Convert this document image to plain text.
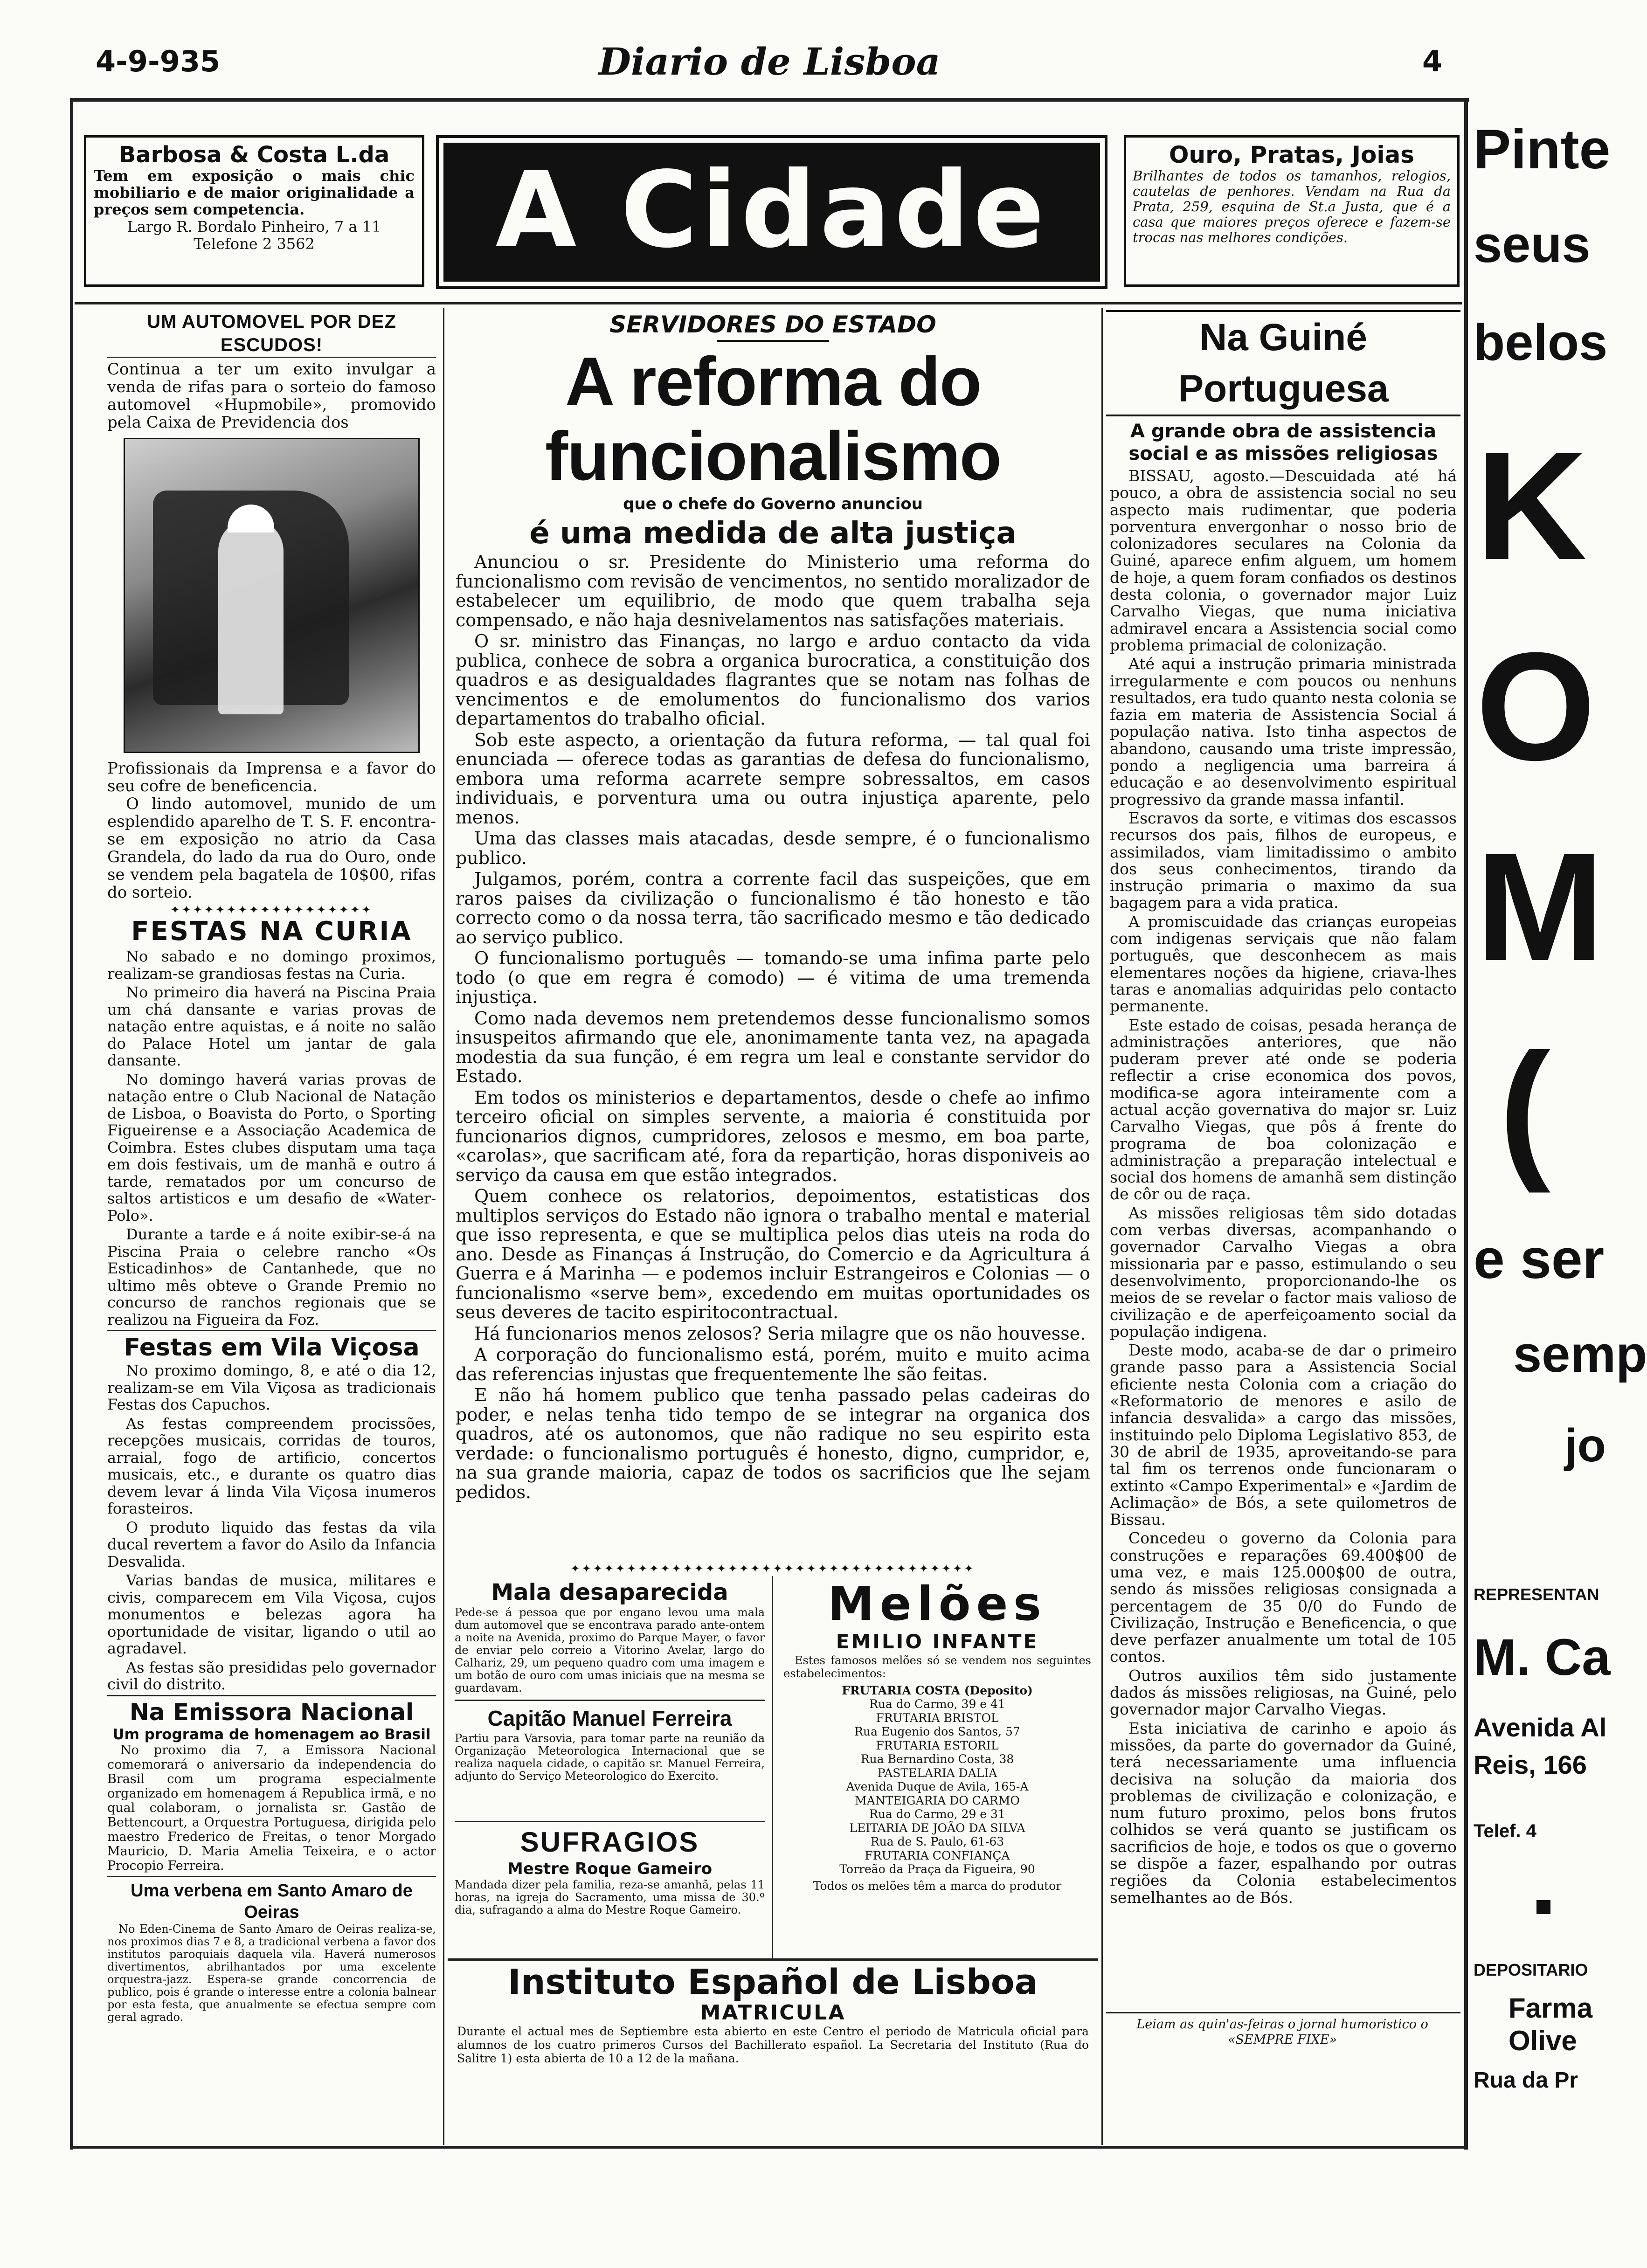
4-9-935	Diario de Lisboa	4
Barbosa & Costa L.da
Tem em exposição o mais chic mobiliario e de maior originalidade a preços sem competencia.
Largo R. Bordalo Pinheiro, 7 a 11
Telefone 2 3562	A Cidade	Ouro, Pratas, Joias
Brilhantes de todos os tamanhos, relogios, cautelas de penhores. Vendam na Rua da Prata, 259, esquina de St.a Justa, que é a casa que maiores preços oferece e fazem-se trocas nas melhores condições.
UM AUTOMOVEL POR DEZ ESCUDOS!
Continua a ter um exito invulgar a venda de rifas para o sorteio do famoso automovel «Hupmobile», promovido pela Caixa de Previdencia dos
Profissionais da Imprensa e a favor do seu cofre de beneficencia.
O lindo automovel, munido de um esplendido aparelho de T. S. F. encontra-se em exposição no atrio da Casa Grandela, do lado da rua do Ouro, onde se vendem pela bagatela de 10$00, rifas do sorteio.
✦✦✦✦✦✦✦✦✦✦✦✦✦✦✦✦✦✦
FESTAS NA CURIA

No sabado e no domingo proximos, realizam-se grandiosas festas na Curia.

No primeiro dia haverá na Piscina Praia um chá dansante e varias provas de natação entre aquistas, e á noite no salão do Palace Hotel um jantar de gala dansante.

No domingo haverá varias provas de natação entre o Club Nacional de Natação de Lisboa, o Boavista do Porto, o Sporting Figueirense e a Associação Academica de Coimbra. Estes clubes disputam uma taça em dois festivais, um de manhã e outro á tarde, rematados por um concurso de saltos artisticos e um desafio de «Water-Polo».

Durante a tarde e á noite exibir-se-á na Piscina Praia o celebre rancho «Os Esticadinhos» de Cantanhede, que no ultimo mês obteve o Grande Premio no concurso de ranchos regionais que se realizou na Figueira da Foz.

Festas em Vila Viçosa

No proximo domingo, 8, e até o dia 12, realizam-se em Vila Viçosa as tradicionais Festas dos Capuchos.

As festas compreendem procissões, recepções musicais, corridas de touros, arraial, fogo de artificio, concertos musicais, etc., e durante os quatro dias devem levar á linda Vila Viçosa inumeros forasteiros.

O produto liquido das festas da vila ducal revertem a favor do Asilo da Infancia Desvalida.

Varias bandas de musica, militares e civis, comparecem em Vila Viçosa, cujos monumentos e belezas agora ha oportunidade de visitar, ligando o util ao agradavel.

As festas são presididas pelo governador civil do distrito.

Na Emissora Nacional
Um programa de homenagem ao Brasil
No proximo dia 7, a Emissora Nacional comemorará o aniversario da independencia do Brasil com um programa especialmente organizado em homenagem á Republica irmã, e no qual colaboram, o jornalista sr. Gastão de Bettencourt, a Orquestra Portuguesa, dirigida pelo maestro Frederico de Freitas, o tenor Morgado Mauricio, D. Maria Amelia Teixeira, e o actor Procopio Ferreira.
Uma verbena em Santo Amaro de Oeiras
No Eden-Cinema de Santo Amaro de Oeiras realiza-se, nos proximos dias 7 e 8, a tradicional verbena a favor dos institutos paroquiais daquela vila. Haverá numerosos divertimentos, abrilhantados por uma excelente orquestra-jazz. Espera-se grande concorrencia de publico, pois é grande o interesse entre a colonia balnear por esta festa, que anualmente se efectua sempre com geral agrado.
SERVIDORES DO ESTADO
A reforma do funcionalismo
que o chefe do Governo anunciou
é uma medida de alta justiça

Anunciou o sr. Presidente do Ministerio uma reforma do funcionalismo com revisão de vencimentos, no sentido moralizador de estabelecer um equilibrio, de modo que quem trabalha seja compensado, e não haja desnivelamentos nas satisfações materiais.

O sr. ministro das Finanças, no largo e arduo contacto da vida publica, conhece de sobra a organica burocratica, a constituição dos quadros e as desigualdades flagrantes que se notam nas folhas de vencimentos e de emolumentos do funcionalismo dos varios departamentos do trabalho oficial.

Sob este aspecto, a orientação da futura reforma, — tal qual foi enunciada — oferece todas as garantias de defesa do funcionalismo, embora uma reforma acarrete sempre sobressaltos, em casos individuais, e porventura uma ou outra injustiça aparente, pelo menos.

Uma das classes mais atacadas, desde sempre, é o funcionalismo publico.

Julgamos, porém, contra a corrente facil das suspeições, que em raros paises da civilização o funcionalismo é tão honesto e tão correcto como o da nossa terra, tão sacrificado mesmo e tão dedicado ao serviço publico.

O funcionalismo português — tomando-se uma infima parte pelo todo (o que em regra é comodo) — é vitima de uma tremenda injustiça.

Como nada devemos nem pretendemos desse funcionalismo somos insuspeitos afirmando que ele, anonimamente tanta vez, na apagada modestia da sua função, é em regra um leal e constante servidor do Estado.

Em todos os ministerios e departamentos, desde o chefe ao infimo terceiro oficial on simples servente, a maioria é constituida por funcionarios dignos, cumpridores, zelosos e mesmo, em boa parte, «carolas», que sacrificam até, fora da repartição, horas disponiveis ao serviço da causa em que estão integrados.

Quem conhece os relatorios, depoimentos, estatisticas dos multiplos serviços do Estado não ignora o trabalho mental e material que isso representa, e que se multiplica pelos dias uteis na roda do ano. Desde as Finanças á Instrução, do Comercio e da Agricultura á Guerra e á Marinha — e podemos incluir Estrangeiros e Colonias — o funcionalismo «serve bem», excedendo em muitas oportunidades os seus deveres de tacito espiritocontractual.

Há funcionarios menos zelosos? Seria milagre que os não houvesse.

A corporação do funcionalismo está, porém, muito e muito acima das referencias injustas que frequentemente lhe são feitas.

E não há homem publico que tenha passado pelas cadeiras do poder, e nelas tenha tido tempo de se integrar na organica dos quadros, até os autonomos, que não radique no seu espirito esta verdade: o funcionalismo português é honesto, digno, cumpridor, e, na sua grande maioria, capaz de todos os sacrificios que lhe sejam pedidos.

✦✦✦✦✦✦✦✦✦✦✦✦✦✦✦✦✦✦✦✦✦✦✦✦✦✦✦✦✦✦✦✦✦✦✦✦
Mala desaparecida
Pede-se á pessoa que por engano levou uma mala dum automovel que se encontrava parado ante-ontem a noite na Avenida, proximo do Parque Mayer, o favor de enviar pelo correio a Vitorino Avelar, largo do Calhariz, 29, um pequeno quadro com uma imagem e um botão de ouro com umas iniciais que na mesma se guardavam.
Capitão Manuel Ferreira
Partiu para Varsovia, para tomar parte na reunião da Organização Meteorologica Internacional que se realiza naquela cidade, o capitão sr. Manuel Ferreira, adjunto do Serviço Meteorologico do Exercito.
SUFRAGIOS
Mestre Roque Gameiro
Mandada dizer pela familia, reza-se amanhã, pelas 11 horas, na igreja do Sacramento, uma missa de 30.º dia, sufragando a alma do Mestre Roque Gameiro.
Melões
EMILIO INFANTE
Estes famosos melões só se vendem nos seguintes estabelecimentos:
FRUTARIA COSTA (Deposito)
Rua do Carmo, 39 e 41
FRUTARIA BRISTOL
Rua Eugenio dos Santos, 57
FRUTARIA ESTORIL
Rua Bernardino Costa, 38
PASTELARIA DALIA
Avenida Duque de Avila, 165-A
MANTEIGARIA DO CARMO
Rua do Carmo, 29 e 31
LEITARIA DE JOÃO DA SILVA
Rua de S. Paulo, 61-63
FRUTARIA CONFIANÇA
Torreão da Praça da Figueira, 90
Todos os melões têm a marca do produtor
Instituto Español de Lisboa
MATRICULA
Durante el actual mes de Septiembre esta abierto en este Centro el periodo de Matricula oficial para alumnos de los cuatro primeros Cursos del Bachillerato español. La Secretaria del Instituto (Rua do Salitre 1) esta abierta de 10 a 12 de la mañana.
Na Guiné Portuguesa
A grande obra de assistencia social e as missões religiosas

BISSAU, agosto.—Descuidada até há pouco, a obra de assistencia social no seu aspecto mais rudimentar, que poderia porventura envergonhar o nosso brio de colonizadores seculares na Colonia da Guiné, aparece enfim alguem, um homem de hoje, a quem foram confiados os destinos desta colonia, o governador major Luiz Carvalho Viegas, que numa iniciativa admiravel encara a Assistencia social como problema primacial de colonização.

Até aqui a instrução primaria ministrada irregularmente e com poucos ou nenhuns resultados, era tudo quanto nesta colonia se fazia em materia de Assistencia Social á população nativa. Isto tinha aspectos de abandono, causando uma triste impressão, pondo a negligencia uma barreira á educação e ao desenvolvimento espiritual progressivo da grande massa infantil.

Escravos da sorte, e vitimas dos escassos recursos dos pais, filhos de europeus, e assimilados, viam limitadissimo o ambito dos seus conhecimentos, tirando da instrução primaria o maximo da sua bagagem para a vida pratica.

A promiscuidade das crianças europeias com indigenas serviçais que não falam português, que desconhecem as mais elementares noções da higiene, criava-lhes taras e anomalias adquiridas pelo contacto permanente.

Este estado de coisas, pesada herança de administrações anteriores, que não puderam prever até onde se poderia reflectir a crise economica dos povos, modifica-se agora inteiramente com a actual acção governativa do major sr. Luiz Carvalho Viegas, que pôs á frente do programa de boa colonização e administração a preparação intelectual e social dos homens de amanhã sem distinção de côr ou de raça.

As missões religiosas têm sido dotadas com verbas diversas, acompanhando o governador Carvalho Viegas a obra missionaria par e passo, estimulando o seu desenvolvimento, proporcionando-lhe os meios de se revelar o factor mais valioso de civilização e de aperfeiçoamento social da população indigena.

Deste modo, acaba-se de dar o primeiro grande passo para a Assistencia Social eficiente nesta Colonia com a criação do «Reformatorio de menores e asilo de infancia desvalida» a cargo das missões, instituindo pelo Diploma Legislativo 853, de 30 de abril de 1935, aproveitando-se para tal fim os terrenos onde funcionaram o extinto «Campo Experimental» e «Jardim de Aclimação» de Bós, a sete quilometros de Bissau.

Concedeu o governo da Colonia para construções e reparações 69.400$00 de uma vez, e mais 125.000$00 de outra, sendo ás missões religiosas consignada a percentagem de 35 0/0 do Fundo de Civilização, Instrução e Beneficencia, o que deve perfazer anualmente um total de 105 contos.

Outros auxilios têm sido justamente dados ás missões religiosas, na Guiné, pelo governador major Carvalho Viegas.

Esta iniciativa de carinho e apoio ás missões, da parte do governador da Guiné, terá necessariamente uma influencia decisiva na solução da maioria dos problemas de civilização e colonização, e num futuro proximo, pelos bons frutos colhidos se verá quanto se justificam os sacrificios de hoje, e todos os que o governo se dispõe a fazer, espalhando por outras regiões da Colonia estabelecimentos semelhantes ao de Bós.

Leiam as quin'as-feiras o jornal humoristico o «SEMPRE FIXE»
Pinte
seus
belos
K
O
M
(
e ser
semp
jo
REPRESENTAN
M. Ca
Avenida Al
Reis, 166
Telef. 4
DEPOSITARIO
Farma
Olive
Rua da Pr
